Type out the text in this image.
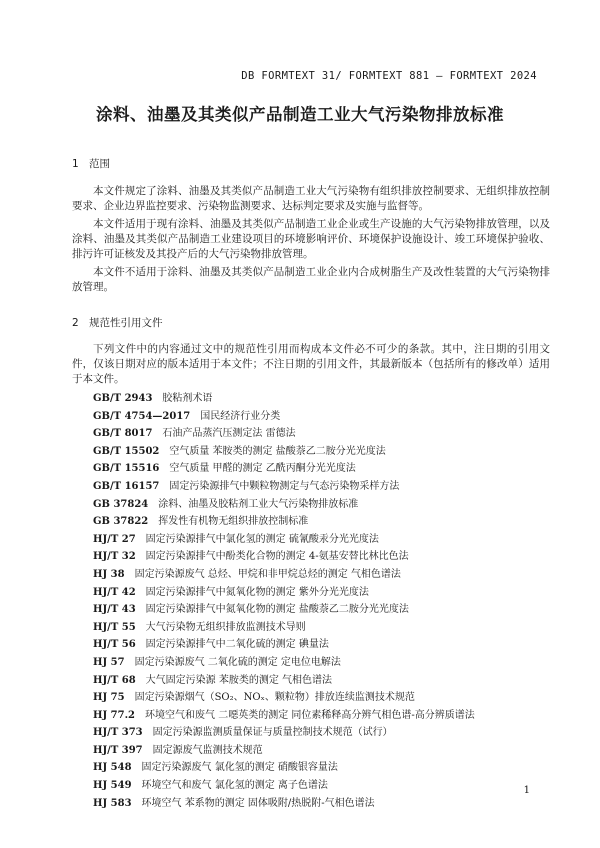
DB FORMTEXT 31/ FORMTEXT 881 — FORMTEXT 2024
涂料、油墨及其类似产品制造工业大气污染物排放标准
1 范围
本文件规定了涂料、油墨及其类似产品制造工业大气污染物有组织排放控制要求、无组织排放控制要求、企业边界监控要求、污染物监测要求、达标判定要求及实施与监督等。
本文件适用于现有涂料、油墨及其类似产品制造工业企业或生产设施的大气污染物排放管理，以及涂料、油墨及其类似产品制造工业建设项目的环境影响评价、环境保护设施设计、竣工环境保护验收、排污许可证核发及其投产后的大气污染物排放管理。
本文件不适用于涂料、油墨及其类似产品制造工业企业内合成树脂生产及改性装置的大气污染物排放管理。
2 规范性引用文件
下列文件中的内容通过文中的规范性引用而构成本文件必不可少的条款。其中，注日期的引用文件，仅该日期对应的版本适用于本文件；不注日期的引用文件，其最新版本（包括所有的修改单）适用于本文件。
GB/T 2943  胶粘剂术语
GB/T 4754—2017  国民经济行业分类
GB/T 8017  石油产品蒸汽压测定法 雷德法
GB/T 15502  空气质量 苯胺类的测定 盐酸萘乙二胺分光光度法
GB/T 15516  空气质量 甲醛的测定 乙酰丙酮分光光度法
GB/T 16157  固定污染源排气中颗粒物测定与气态污染物采样方法
GB 37824  涂料、油墨及胶粘剂工业大气污染物排放标准
GB 37822  挥发性有机物无组织排放控制标准
HJ/T 27  固定污染源排气中氯化氢的测定 硫氰酸汞分光光度法
HJ/T 32  固定污染源排气中酚类化合物的测定 4-氨基安替比林比色法
HJ 38  固定污染源废气 总烃、甲烷和非甲烷总烃的测定 气相色谱法
HJ/T 42  固定污染源排气中氮氧化物的测定 紫外分光光度法
HJ/T 43  固定污染源排气中氮氧化物的测定 盐酸萘乙二胺分光光度法
HJ/T 55  大气污染物无组织排放监测技术导则
HJ/T 56  固定污染源排气中二氧化硫的测定 碘量法
HJ 57  固定污染源废气 二氧化硫的测定 定电位电解法
HJ/T 68  大气固定污染源 苯胺类的测定 气相色谱法
HJ 75  固定污染源烟气（SO₂、NOₓ、颗粒物）排放连续监测技术规范
HJ 77.2  环境空气和废气 二噁英类的测定 同位素稀释高分辨气相色谱-高分辨质谱法
HJ/T 373  固定污染源监测质量保证与质量控制技术规范（试行）
HJ/T 397  固定源废气监测技术规范
HJ 548  固定污染源废气 氯化氢的测定 硝酸银容量法
HJ 549  环境空气和废气 氯化氢的测定 离子色谱法
HJ 583  环境空气 苯系物的测定 固体吸附/热脱附-气相色谱法
1
